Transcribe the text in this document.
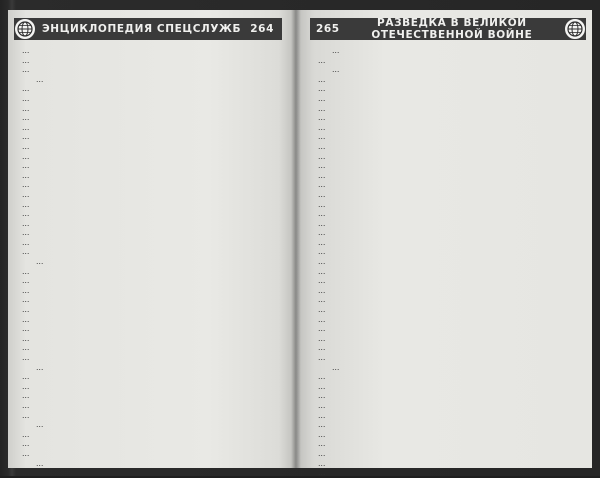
ЭНЦИКЛОПЕДИЯ СПЕЦСЛУЖБ 264
…
…
…
…
…
…
…
…
…
…
…
…
…
…
…
…
…
…
…
…
…
…
…
…
…
…
…
…
…
…
…
…
…
…
…
…
…
…
…
…
…
…
…
…
…
265	РАЗВЕДКА В ВЕЛИКОЙ ОТЕЧЕСТВЕННОЙ ВОЙНЕ
…
…
…
…
…
…
…
…
…
…
…
…
…
…
…
…
…
…
…
…
…
…
…
…
…
…
…
…
…
…
…
…
…
…
…
…
…
…
…
…
…
…
…
…
…
